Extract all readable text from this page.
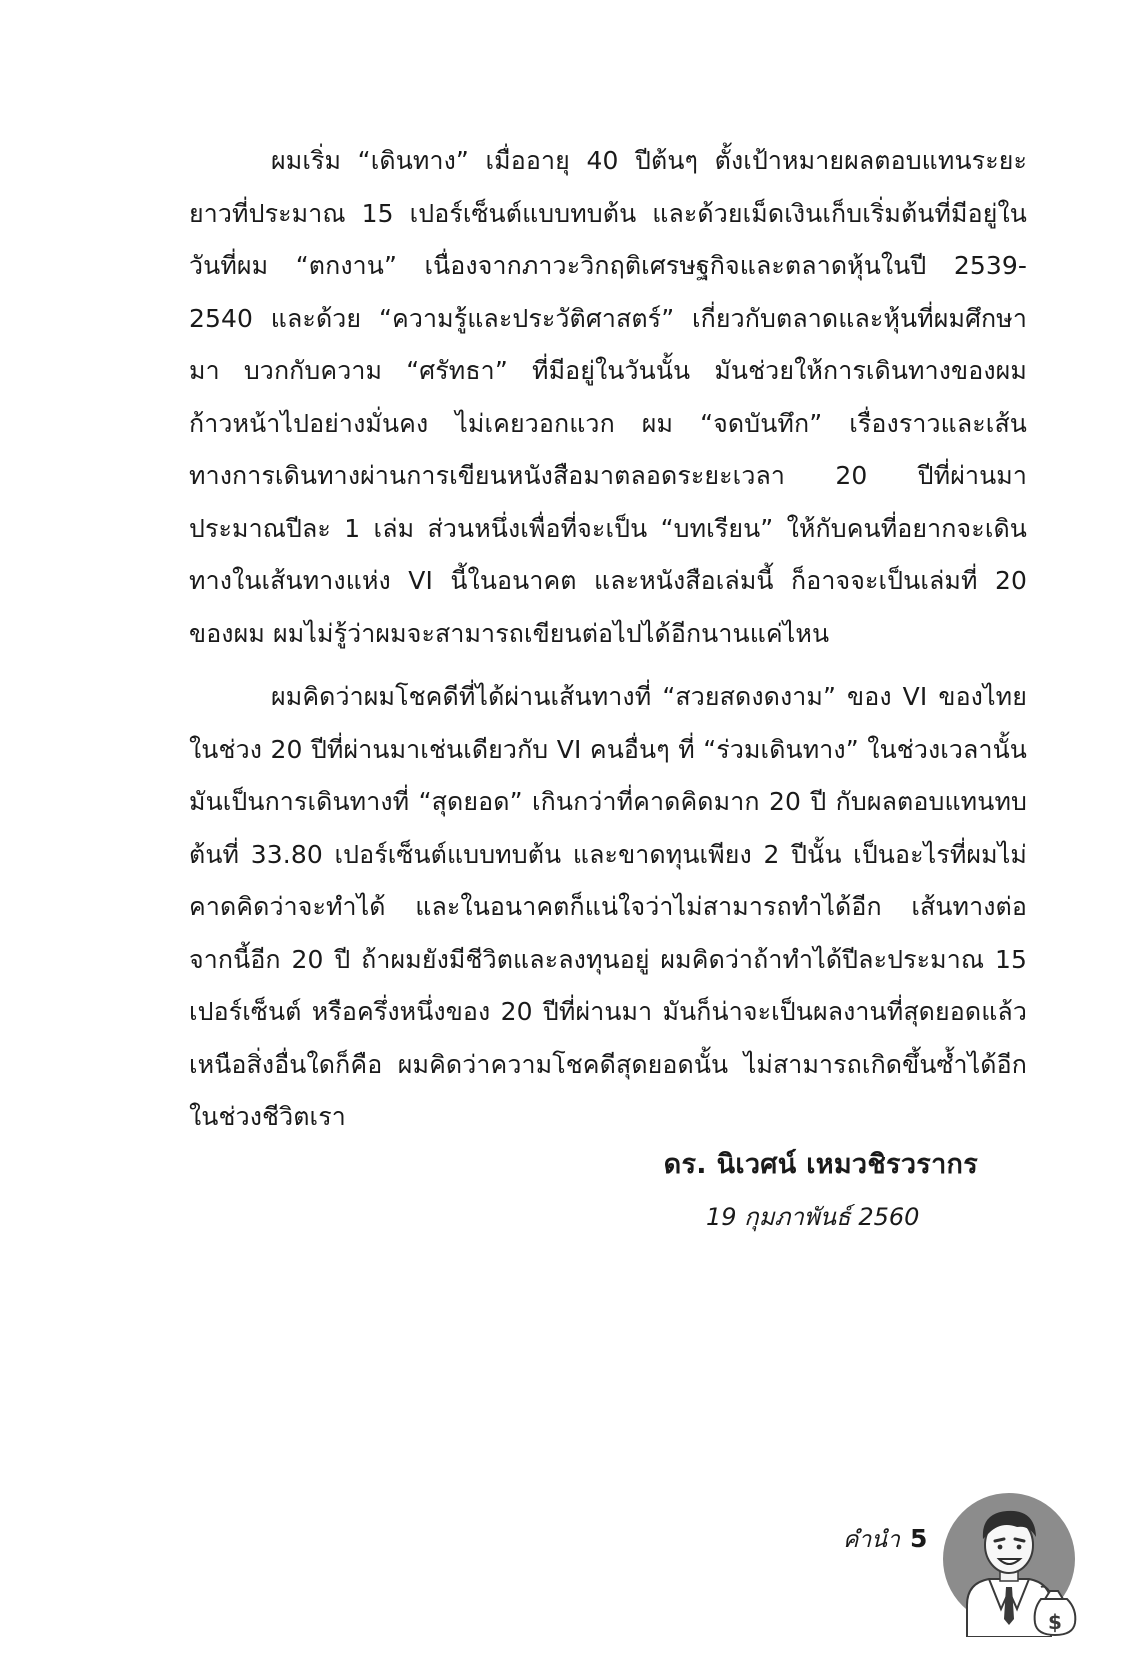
ผมเริ่ม “เดินทาง” เมื่ออายุ 40 ปีต้นๆ ตั้งเป้าหมายผลตอบแทนระยะยาวที่ประมาณ 15 เปอร์เซ็นต์แบบทบต้น และด้วยเม็ดเงินเก็บเริ่มต้นที่มีอยู่ในวันที่ผม “ตกงาน” เนื่องจากภาวะวิกฤติเศรษฐกิจและตลาดหุ้นในปี 2539-2540 และด้วย “ความรู้และประวัติศาสตร์” เกี่ยวกับตลาดและหุ้นที่ผมศึกษามา บวกกับความ “ศรัทธา” ที่มีอยู่ในวันนั้น มันช่วยให้การเดินทางของผมก้าวหน้าไปอย่างมั่นคง ไม่เคยวอกแวก ผม “จดบันทึก” เรื่องราวและเส้นทางการเดินทางผ่านการเขียนหนังสือมาตลอดระยะเวลา 20 ปีที่ผ่านมา ประมาณปีละ 1 เล่ม ส่วนหนึ่งเพื่อที่จะเป็น “บทเรียน” ให้กับคนที่อยากจะเดินทางในเส้นทางแห่ง VI นี้ในอนาคต และหนังสือเล่มนี้ ก็อาจจะเป็นเล่มที่ 20 ของผม ผมไม่รู้ว่าผมจะสามารถเขียนต่อไปได้อีกนานแค่ไหน

ผมคิดว่าผมโชคดีที่ได้ผ่านเส้นทางที่ “สวยสดงดงาม” ของ VI ของไทยในช่วง 20 ปีที่ผ่านมาเช่นเดียวกับ VI คนอื่นๆ ที่ “ร่วมเดินทาง” ในช่วงเวลานั้น มันเป็นการเดินทางที่ “สุดยอด” เกินกว่าที่คาดคิดมาก 20 ปี กับผลตอบแทนทบต้นที่ 33.80 เปอร์เซ็นต์แบบทบต้น และขาดทุนเพียง 2 ปีนั้น เป็นอะไรที่ผมไม่คาดคิดว่าจะทำได้ และในอนาคตก็แน่ใจว่าไม่สามารถทำได้อีก เส้นทางต่อจากนี้อีก 20 ปี ถ้าผมยังมีชีวิตและลงทุนอยู่ ผมคิดว่าถ้าทำได้ปีละประมาณ 15 เปอร์เซ็นต์ หรือครึ่งหนึ่งของ 20 ปีที่ผ่านมา มันก็น่าจะเป็นผลงานที่สุดยอดแล้ว เหนือสิ่งอื่นใดก็คือ ผมคิดว่าความโชคดีสุดยอดนั้น ไม่สามารถเกิดขึ้นซ้ำได้อีกในช่วงชีวิตเรา

ดร. นิเวศน์ เหมวชิรวรากร
19 กุมภาพันธ์ 2560
คำนำ 5
$
